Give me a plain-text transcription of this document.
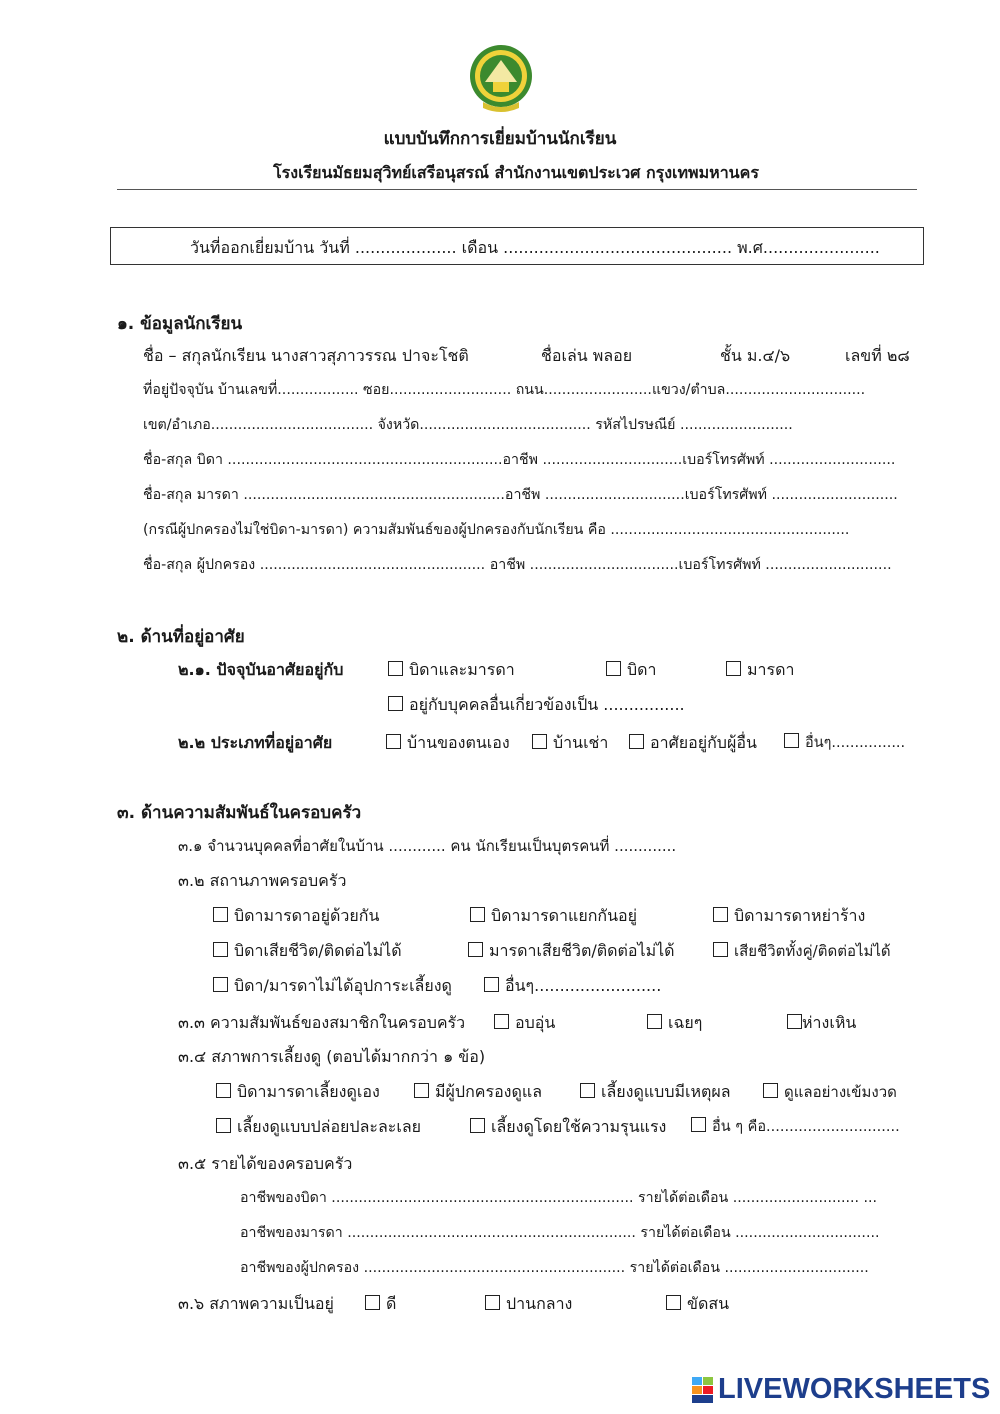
แบบบันทึกการเยี่ยมบ้านนักเรียน
โรงเรียนมัธยมสุวิทย์เสรีอนุสรณ์ สำนักงานเขตประเวศ กรุงเทพมหานคร
วันที่ออกเยี่ยมบ้าน วันที่ .................... เดือน ............................................. พ.ศ.......................
๑. ข้อมูลนักเรียน
ชื่อ – สกุลนักเรียน นางสาวสุภาวรรณ ปาจะโชติ	ชื่อเล่น พลอย	ชั้น ม.๔/๖	เลขที่ ๒๘
ที่อยู่ปัจจุบัน บ้านเลขที่.................. ซอย........................... ถนน........................แขวง/ตำบล...............................
เขต/อำเภอ.................................... จังหวัด...................................... รหัสไปรษณีย์ .........................
ชื่อ-สกุล บิดา .............................................................อาชีพ ...............................เบอร์โทรศัพท์ ............................
ชื่อ-สกุล มารดา ..........................................................อาชีพ ...............................เบอร์โทรศัพท์ ............................
(กรณีผู้ปกครองไม่ใช่บิดา-มารดา) ความสัมพันธ์ของผู้ปกครองกับนักเรียน คือ .....................................................
ชื่อ-สกุล ผู้ปกครอง .................................................. อาชีพ .................................เบอร์โทรศัพท์ ............................
๒. ด้านที่อยู่อาศัย
๒.๑. ปัจจุบันอาศัยอยู่กับ	บิดาและมารดา	บิดา	มารดา
อยู่กับบุคคลอื่นเกี่ยวข้องเป็น ................
๒.๒ ประเภทที่อยู่อาศัย	บ้านของตนเอง	บ้านเช่า	อาศัยอยู่กับผู้อื่น	อื่นๆ................
๓. ด้านความสัมพันธ์ในครอบครัว
๓.๑ จำนวนบุคคลที่อาศัยในบ้าน ............ คน นักเรียนเป็นบุตรคนที่ .............
๓.๒ สถานภาพครอบครัว
บิดามารดาอยู่ด้วยกัน	บิดามารดาแยกกันอยู่	บิดามารดาหย่าร้าง
บิดาเสียชีวิต/ติดต่อไม่ได้	มารดาเสียชีวิต/ติดต่อไม่ได้	เสียชีวิตทั้งคู่/ติดต่อไม่ได้
บิดา/มารดาไม่ได้อุปการะเลี้ยงดู	อื่นๆ.........................
๓.๓ ความสัมพันธ์ของสมาชิกในครอบครัว	อบอุ่น	เฉยๆ	ห่างเหิน
๓.๔ สภาพการเลี้ยงดู (ตอบได้มากกว่า ๑ ข้อ)
บิดามารดาเลี้ยงดูเอง	มีผู้ปกครองดูแล	เลี้ยงดูแบบมีเหตุผล	ดูแลอย่างเข้มงวด
เลี้ยงดูแบบปล่อยปละละเลย	เลี้ยงดูโดยใช้ความรุนแรง	อื่น ๆ คือ.............................
๓.๕ รายได้ของครอบครัว
อาชีพของบิดา ................................................................... รายได้ต่อเดือน ............................ ...
อาชีพของมารดา ................................................................ รายได้ต่อเดือน ................................
อาชีพของผู้ปกครอง .......................................................... รายได้ต่อเดือน ................................
๓.๖ สภาพความเป็นอยู่	ดี	ปานกลาง	ขัดสน
LIVEWORKSHEETS
